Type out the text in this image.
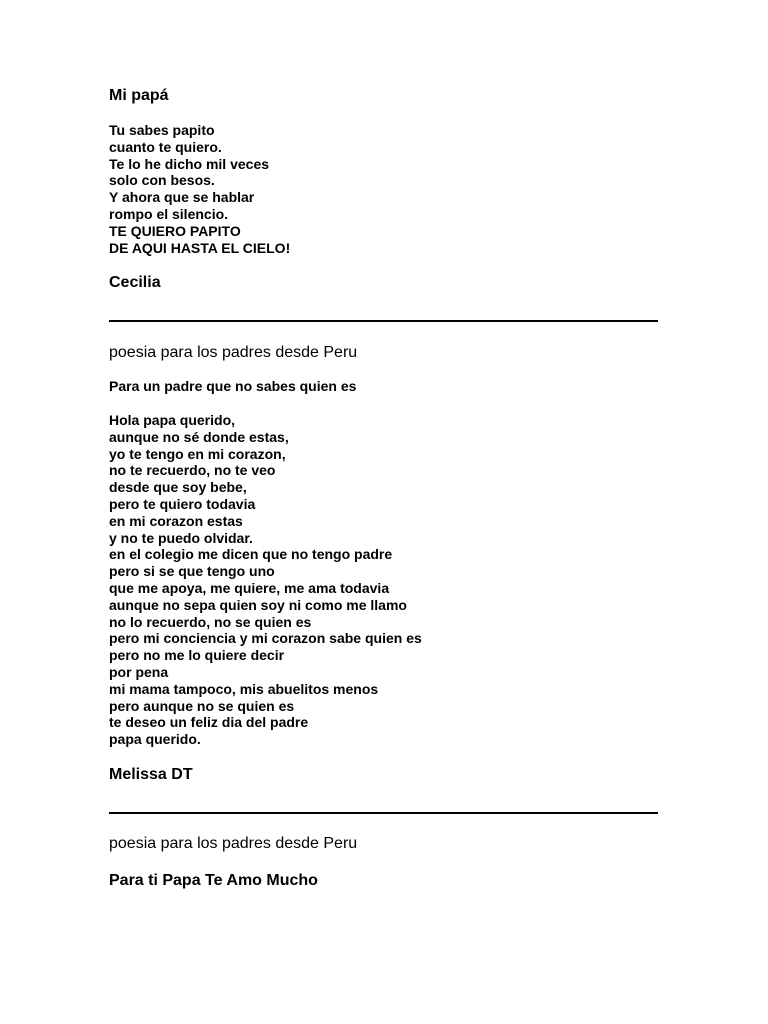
Mi papá
Tu sabes papito
cuanto te quiero.
Te lo he dicho mil veces
solo con besos.
Y ahora que se hablar
rompo el silencio.
TE QUIERO PAPITO
DE AQUI HASTA EL CIELO!
Cecilia
poesia para los padres desde Peru
Para un padre que no sabes quien es
Hola papa querido,
aunque no sé donde estas,
yo te tengo en mi corazon,
no te recuerdo, no te veo
desde que soy bebe,
pero te quiero todavia
en mi corazon estas
y no te puedo olvidar.
en el colegio me dicen que no tengo padre
pero si se que tengo uno
que me apoya, me quiere, me ama todavia
aunque no sepa quien soy ni como me llamo
no lo recuerdo, no se quien es
pero mi conciencia y mi corazon sabe quien es
pero no me lo quiere decir
por pena
mi mama tampoco, mis abuelitos menos
pero aunque no se quien es
te deseo un feliz dia del padre
papa querido.
Melissa DT
poesia para los padres desde Peru
Para ti Papa Te Amo Mucho
